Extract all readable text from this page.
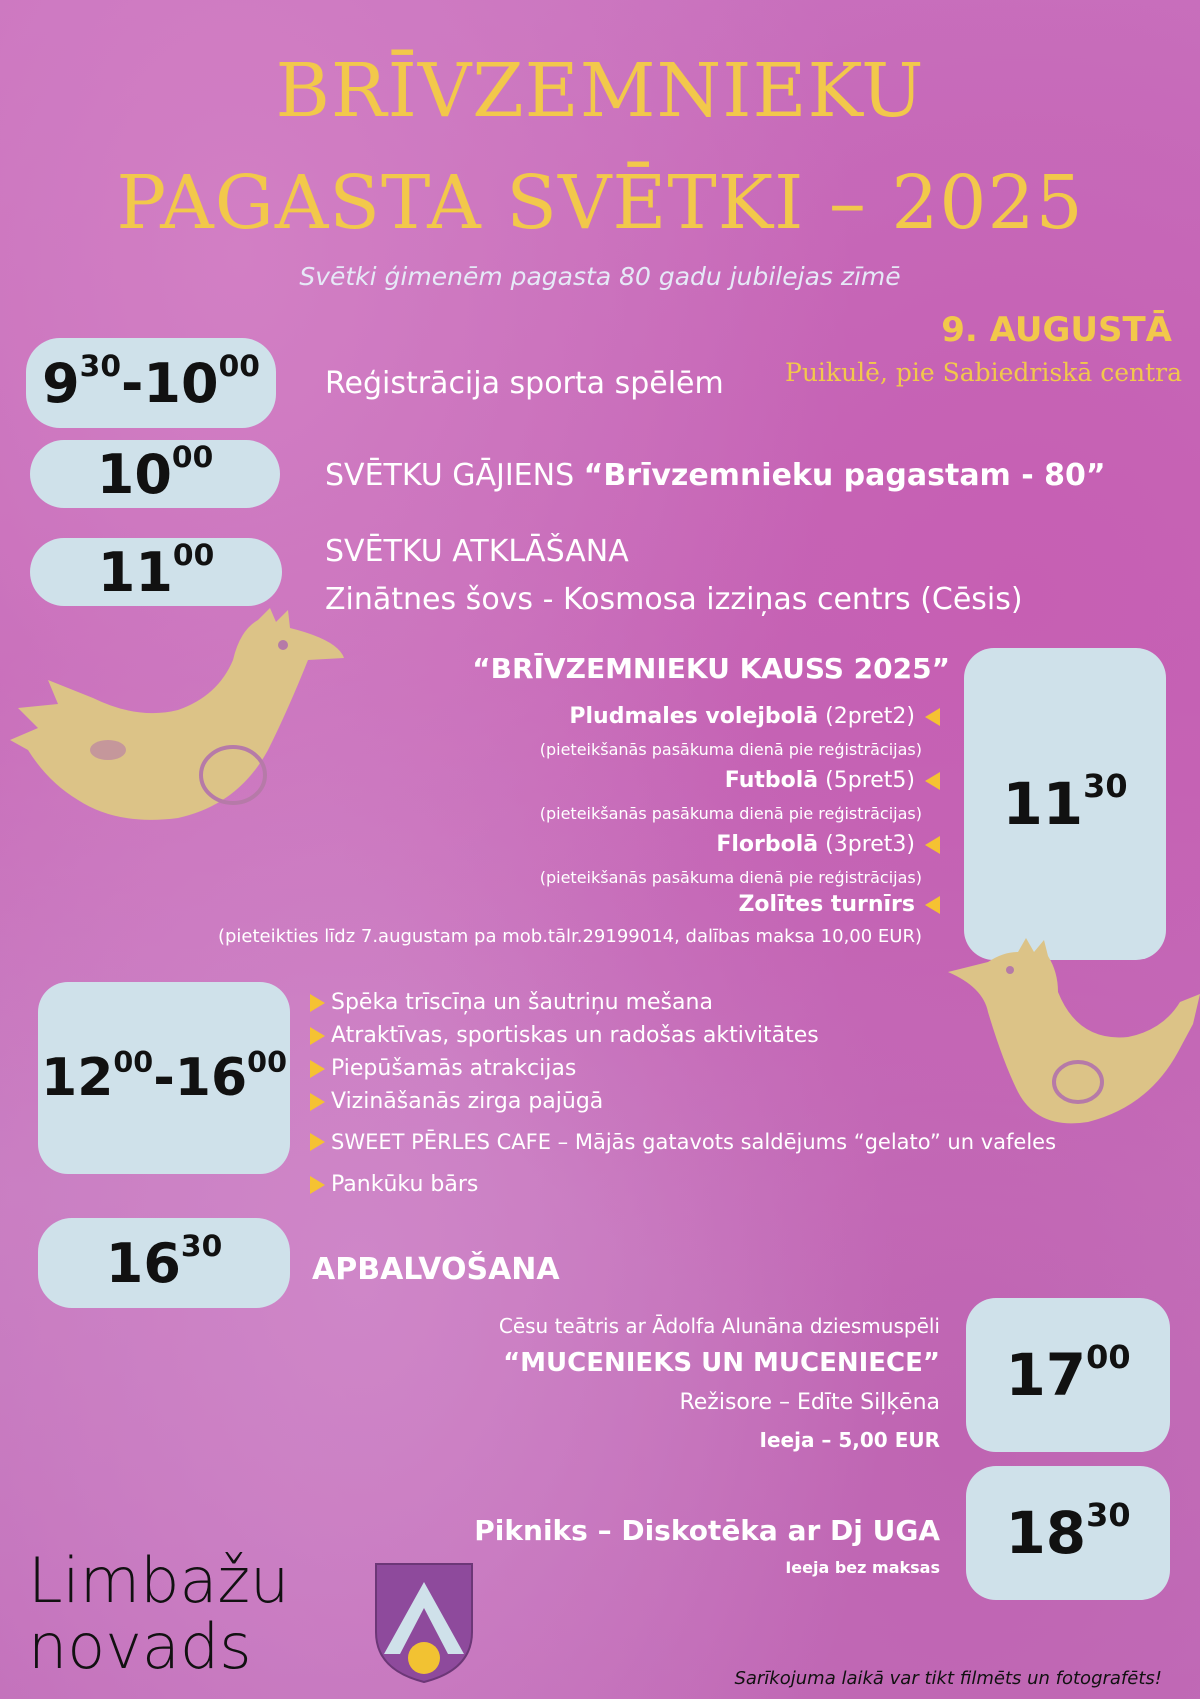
BRĪVZEMNIEKU
PAGASTA SVĒTKI – 2025
Svētki ģimenēm pagasta 80 gadu jubilejas zīmē
9. AUGUSTĀ
Puikulē, pie Sabiedriskā centra
$9^{30} - 10^{00}$ Reģistrācija sporta spēlēm
$10^{00}$
SVĒTKU GĀJIENS “Brīvzemnieku pagastam - 80”
$11^{00}$	SVĒTKU ATKLĀŠANA
Zinātnes šovs - Kosmosa izziņas centrs (Cēsis)
“BRĪVZEMNIEKU KAUSS 2025”
Pludmales volejbolā (2pret2)
(pieteikšanās pasākuma dienā pie reģistrācijas)
Futbolā (5pret5)
(pieteikšanās pasākuma dienā pie reģistrācijas)
Florbolā (3pret3)
(pieteikšanās pasākuma dienā pie reģistrācijas)
Zolītes turnīrs
(pieteikties līdz 7.augustam pa mob.tālr.29199014, dalības maksa 10,00 EUR)
$11^{30}$
$12^{00} - 16^{00}$
Spēka trīscīņa un šautriņu mešana
Atraktīvas, sportiskas un radošas aktivitātes
Piepūšamās atrakcijas
Vizināšanās zirga pajūgā
SWEET PĒRLES CAFE – Mājās gatavots saldējums “gelato” un vafeles
Pankūku bārs
$16^{30}$
APBALVOŠANA
Cēsu teātris ar Ādolfa Alunāna dziesmuspēli
“MUCENIEKS UN MUCENIECE”
Režisore – Edīte Siļķēna
Ieeja – 5,00 EUR
$17^{00}$
Pikniks – Diskotēka ar Dj UGA
Ieeja bez maksas
$18^{30}$
Limbažu
novads	Sarīkojuma laikā var tikt filmēts un fotografēts!
